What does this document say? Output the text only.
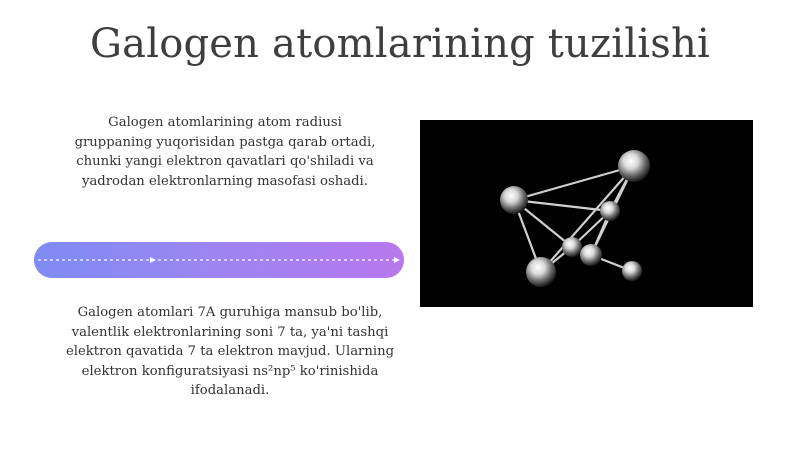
Galogen atomlarining tuzilishi
Galogen atomlarining atom radiusi gruppaning yuqorisidan pastga qarab ortadi, chunki yangi elektron qavatlari qo'shiladi va yadrodan elektronlarning masofasi oshadi.
Galogen atomlari 7A guruhiga mansub bo'lib, valentlik elektronlarining soni 7 ta, ya'ni tashqi elektron qavatida 7 ta elektron mavjud. Ularning elektron konfiguratsiyasi ns²np⁵ ko'rinishida ifodalanadi.
